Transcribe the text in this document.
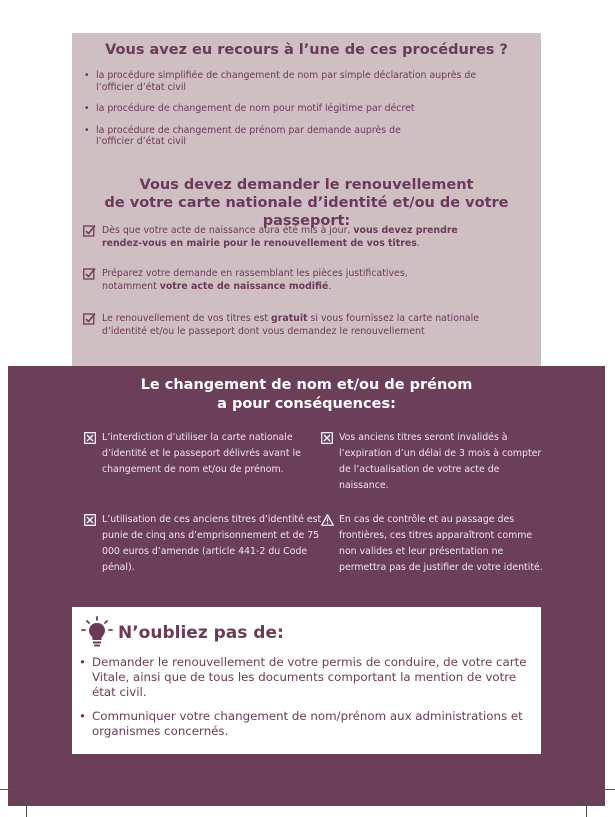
Vous avez eu recours à l’une de ces procédures ?
• la procédure simplifiée de changement de nom par simple déclaration auprès de l’officier d’état civil
• la procédure de changement de nom pour motif légitime par décret
• la procédure de changement de prénom par demande auprès de l’officier d’état civil
Vous devez demander le renouvellement
de votre carte nationale d’identité et/ou de votre passeport:
Dès que votre acte de naissance aura été mis à jour, vous devez prendre rendez-vous en mairie pour le renouvellement de vos titres.
Préparez votre demande en rassemblant les pièces justificatives, notamment votre acte de naissance modifié.
Le renouvellement de vos titres est gratuit si vous fournissez la carte nationale d’identité et/ou le passeport dont vous demandez le renouvellement
Le changement de nom et/ou de prénom
a pour conséquences:
L’interdiction d’utiliser la carte nationale d’identité et le passeport délivrés avant le changement de nom et/ou de prénom.
Vos anciens titres seront invalidés à l’expiration d’un délai de 3 mois à compter de l’actualisation de votre acte de naissance.
L’utilisation de ces anciens titres d’identité est punie de cinq ans d’emprisonnement et de 75 000 euros d’amende (article 441-2 du Code pénal).
En cas de contrôle et au passage des frontières, ces titres apparaîtront comme non valides et leur présentation ne permettra pas de justifier de votre identité.
N’oubliez pas de:
• Demander le renouvellement de votre permis de conduire, de votre carte Vitale, ainsi que de tous les documents comportant la mention de votre état civil.
• Communiquer votre changement de nom/prénom aux administrations et organismes concernés.
